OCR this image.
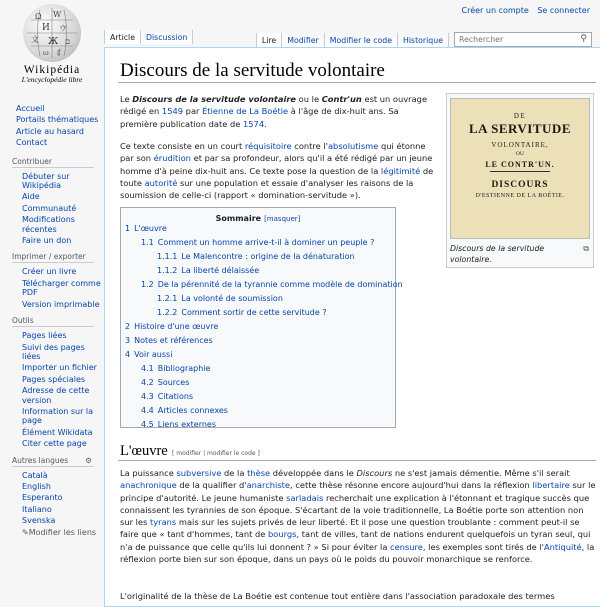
Créer un compte Se connecter
Ω W
И ウ
文 Ж ם
ω ई
Wikipédia
L'encyclopédie libre
Accueil
Portails thématiques
Article au hasard
Contact
Contribuer
Débuter sur Wikipédia
Aide
Communauté
Modifications récentes
Faire un don
Imprimer / exporter
Créer un livre
Télécharger comme PDF
Version imprimable
Outils
Pages liées
Suivi des pages liées
Importer un fichier
Pages spéciales
Adresse de cette version
Information sur la page
Élément Wikidata
Citer cette page
Autres langues ⚙
Català
English
Esperanto
Italiano
Svenska
✎Modifier les liens
Article	Discussion	Lire	Modifier	Modifier le code	Historique	Rechercher	⚲
Discours de la servitude volontaire
Le Discours de la servitude volontaire ou le Contr'un est un ouvrage rédigé en 1549 par Étienne de La Boétie à l'âge de dix-huit ans. Sa première publication date de 1574.
Ce texte consiste en un court réquisitoire contre l'absolutisme qui étonne par son érudition et par sa profondeur, alors qu'il a été rédigé par un jeune homme d'à peine dix-huit ans. Ce texte pose la question de la légitimité de toute autorité sur une population et essaie d'analyser les raisons de la soumission de celle-ci (rapport « domination-servitude »).
DE
LA SERVITUDE
VOLONTAIRE,
OU
LE CONTR'UN.
DISCOURS
D'ESTIENNE DE LA BOÉTIE.
Discours de la servitude volontaire.
⧉
Sommaire [masquer]
1 L'œuvre
1.1 Comment un homme arrive-t-il à dominer un peuple ?
1.1.1 Le Malencontre : origine de la dénaturation
1.1.2 La liberté délaissée
1.2 De la pérennité de la tyrannie comme modèle de domination
1.2.1 La volonté de soumission
1.2.2 Comment sortir de cette servitude ?
2 Histoire d'une œuvre
3 Notes et références
4 Voir aussi
4.1 Bibliographie
4.2 Sources
4.3 Citations
4.4 Articles connexes
4.5 Liens externes
L'œuvre [ modifier | modifier le code ]
La puissance subversive de la thèse développée dans le Discours ne s'est jamais démentie. Même s'il serait anachronique de la qualifier d'anarchiste, cette thèse résonne encore aujourd'hui dans la réflexion libertaire sur le principe d'autorité. Le jeune humaniste sarladais recherchait une explication à l'étonnant et tragique succès que connaissent les tyrannies de son époque. S'écartant de la voie traditionnelle, La Boétie porte son attention non sur les tyrans mais sur les sujets privés de leur liberté. Et il pose une question troublante : comment peut-il se faire que « tant d'hommes, tant de bourgs, tant de villes, tant de nations endurent quelquefois un tyran seul, qui n'a de puissance que celle qu'ils lui donnent ? » Si pour éviter la censure, les exemples sont tirés de l'Antiquité, la réflexion porte bien sur son époque, dans un pays où le poids du pouvoir monarchique se renforce.
L'originalité de la thèse de La Boétie est contenue tout entière dans l'association paradoxale des termes
